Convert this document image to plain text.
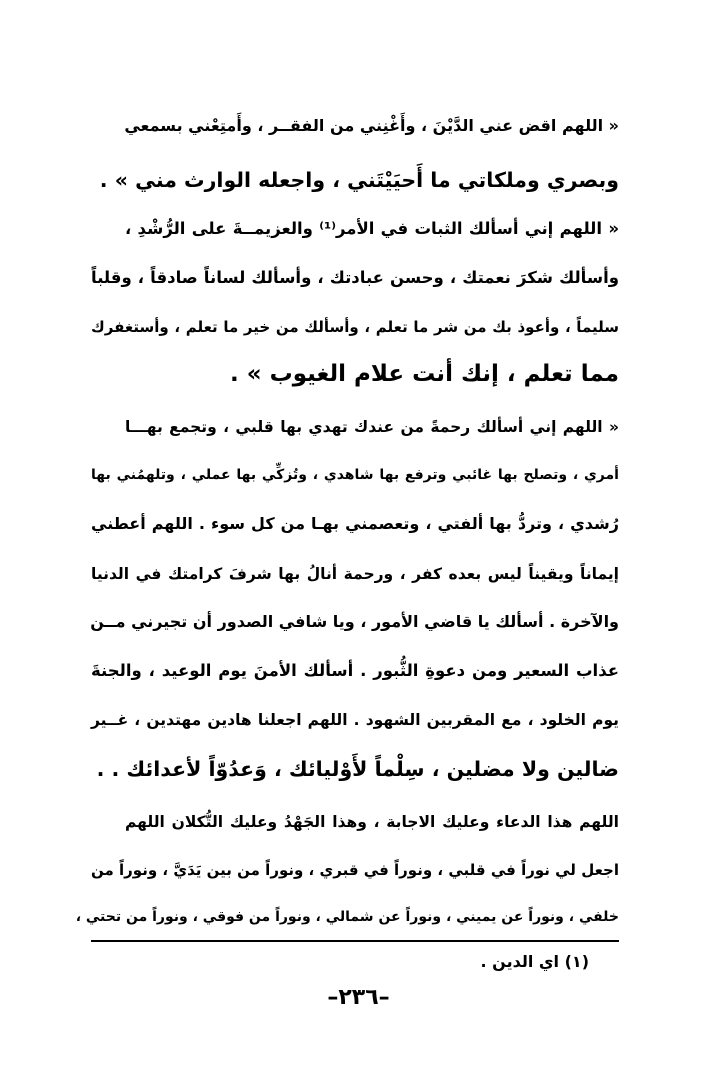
« اللهم اقض عني الدَّيْنَ ، وأَغْنِني من الفقــر ، وأَمتِعْني بسمعي
وبصري وملكاتي ما أَحيَيْتَني ، واجعله الوارث مني » .
« اللهم إني أسألك الثبات في الأمر⁽¹⁾ والعزيمــةَ على الرُّشْدِ ،
وأسألك شكرَ نعمتك ، وحسن عبادتك ، وأسألك لساناً صادقاً ، وقلباً
سليماً ، وأعوذ بك من شر ما تعلم ، وأسألك من خير ما تعلم ، وأستغفرك
مما تعلم ، إنك أنت علام الغيوب » .
« اللهم إني أسألك رحمةً من عندك تهدي بها قلبي ، وتجمع بهـــا
أمري ، وتصلح بها غائبي وترفع بها شاهدي ، وتُزكِّي بها عملي ، وتلهمُني بها
رُشدي ، وتردُّ بها ألفتي ، وتعصمني بهـا من كل سوء . اللهم أعطني
إيماناً ويقيناً ليس بعده كفر ، ورحمة أنالُ بها شرفَ كرامتك في الدنيا
والآخرة . أسألك يا قاضي الأمور ، ويا شافي الصدور أن تجيرني مــن
عذاب السعير ومن دعوةِ الثُّبور . أسألك الأمنَ يوم الوعيد ، والجنةَ
يوم الخلود ، مع المقربين الشهود . اللهم اجعلنا هادين مهتدين ، غــير
ضالين ولا مضلين ، سِلْماً لأَوْليائك ، وَعدُوّاً لأعدائك . .
اللهم هذا الدعاء وعليك الاجابة ، وهذا الجَهْدُ وعليك التُّكلان اللهم
اجعل لي نوراً في قلبي ، ونوراً في قبري ، ونوراً من بين يَدَيَّ ، ونوراً من
خلفي ، ونوراً عن يميني ، ونوراً عن شمالي ، ونوراً من فوقي ، ونوراً من تحتي ،
(١) اي الدين .
–٢٣٦–
